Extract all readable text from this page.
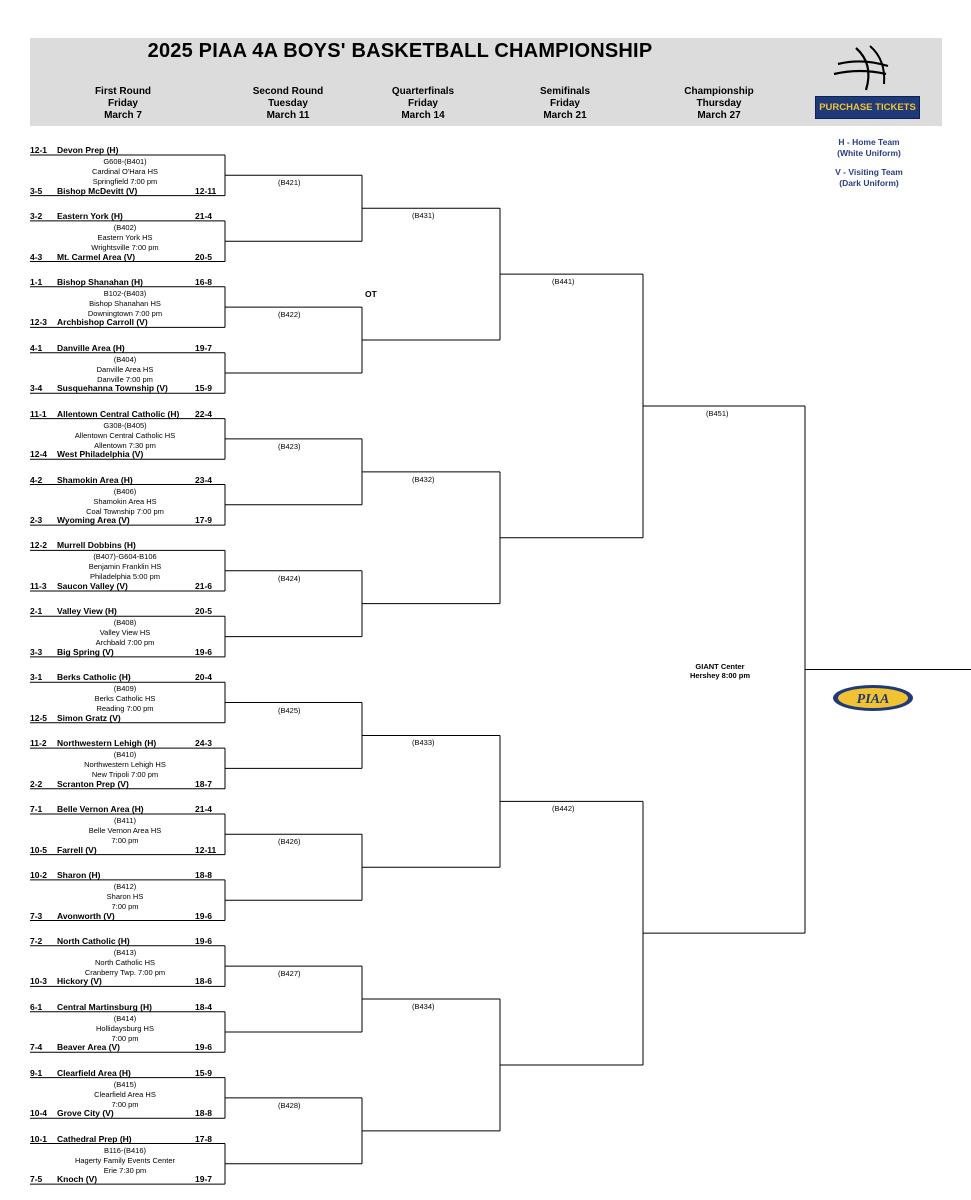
2025 PIAA 4A BOYS' BASKETBALL CHAMPIONSHIP
First Round
Friday
March 7
Second Round
Tuesday
March 11
Quarterfinals
Friday
March 14
Semifinals
Friday
March 21
Championship
Thursday
March 27
PURCHASE TICKETS
H - Home Team
(White Uniform)
V - Visiting Team
(Dark Uniform)
GIANT Center
Hershey 8:00 pm
PIAA
12-1 Devon Prep (H)
3-5 Bishop McDevitt (V)	12-11
G608-(B401)
Cardinal O'Hara HS
Springfield 7:00 pm
3-2 Eastern York (H)	21-4
4-3 Mt. Carmel Area (V)	20-5
(B402)
Eastern York HS
Wrightsville 7:00 pm
1-1 Bishop Shanahan (H)	16-8
12-3 Archbishop Carroll (V)
B102-(B403)
Bishop Shanahan HS
Downingtown 7:00 pm
4-1 Danville Area (H)	19-7
3-4 Susquehanna Township (V)	15-9
(B404)
Danville Area HS
Danville 7:00 pm
11-1 Allentown Central Catholic (H) 22-4
12-4 West Philadelphia (V)
G308-(B405)
Allentown Central Catholic HS
Allentown 7:30 pm
4-2 Shamokin Area (H)	23-4
2-3 Wyoming Area (V)	17-9
(B406)
Shamokin Area HS
Coal Township 7:00 pm
12-2 Murrell Dobbins (H)
11-3 Saucon Valley (V)	21-6
(B407)-G604-B106
Benjamin Franklin HS
Philadelphia 5:00 pm
2-1 Valley View (H)	20-5
3-3 Big Spring (V)	19-6
(B408)
Valley View HS
Archbald 7:00 pm
3-1 Berks Catholic (H)	20-4
12-5 Simon Gratz (V)
(B409)
Berks Catholic HS
Reading 7:00 pm
11-2 Northwestern Lehigh (H)	24-3
2-2 Scranton Prep (V)	18-7
(B410)
Northwestern Lehigh HS
New Tripoli 7:00 pm
7-1 Belle Vernon Area (H)	21-4
10-5 Farrell (V)	12-11
(B411)
Belle Vernon Area HS
7:00 pm
10-2 Sharon (H)	18-8
7-3 Avonworth (V)	19-6
(B412)
Sharon HS
7:00 pm
7-2 North Catholic (H)	19-6
10-3 Hickory (V)	18-6
(B413)
North Catholic HS
Cranberry Twp. 7:00 pm
6-1 Central Martinsburg (H)	18-4
7-4 Beaver Area (V)	19-6
(B414)
Hollidaysburg HS
7:00 pm
9-1 Clearfield Area (H)	15-9
10-4 Grove City (V)	18-8
(B415)
Clearfield Area HS
7:00 pm
10-1 Cathedral Prep (H)	17-8
7-5 Knoch (V)	19-7
B116-(B416)
Hagerty Family Events Center
Erie 7:30 pm
(B421)
(B422)
(B423)
(B424)
(B425)
(B426)
(B427)
(B428)
(B431)
(B432)
(B433)
(B434)
(B441)
(B442)
(B451)
OT
